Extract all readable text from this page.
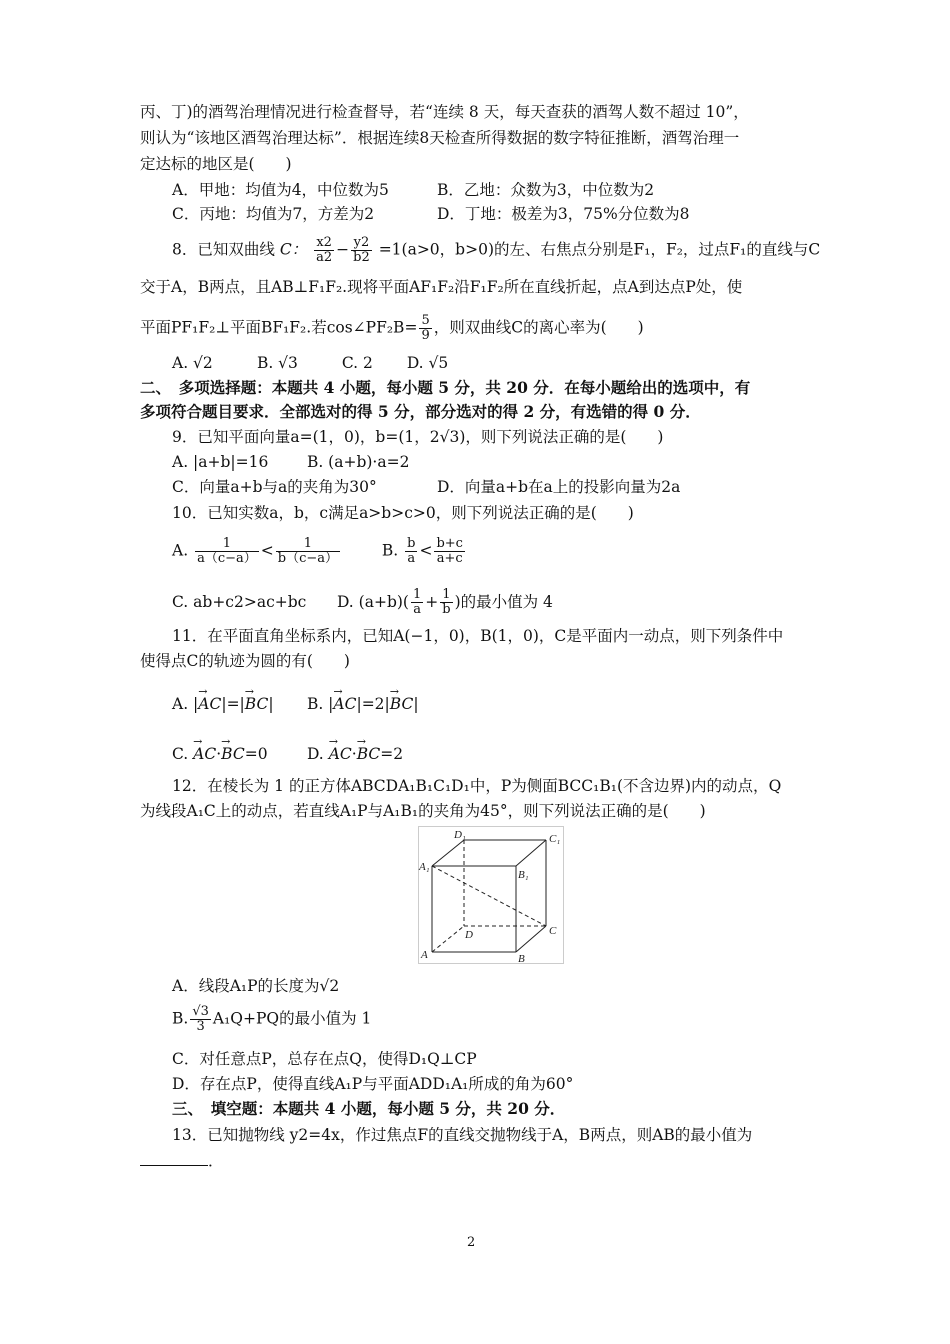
丙、丁)的酒驾治理情况进行检查督导，若“连续 8 天，每天查获的酒驾人数不超过 10”，
则认为“该地区酒驾治理达标”．根据连续8天检查所得数据的数字特征推断，酒驾治理一
定达标的地区是(　　)
A．甲地：均值为4，中位数为5	B．乙地：众数为3，中位数为2
C．丙地：均值为7，方差为2	D．丁地：极差为3，75%分位数为8
8．已知双曲线 C： $\frac{x2}{a2} - \frac{y2}{b2} =1(a>0$，b>0)的左、右焦点分别是F₁，F₂，过点F₁的直线与C
交于A，B两点，且AB⊥F₁F₂.现将平面AF₁F₂沿F₁F₂所在直线折起，点A到达点P处，使
平面PF₁F₂⊥平面BF₁F₂.若cos∠PF₂B= $\frac{5}{9}$ ，则双曲线C的离心率为(　　)
A. √2	B. √3	C. 2 D. √5
二、　多项选择题：本题共 4 小题，每小题 5 分，共 20 分．在每小题给出的选项中，有
多项符合题目要求．全部选对的得 5 分，部分选对的得 2 分，有选错的得 0 分．
9．已知平面向量a=(1，0)，b=(1，2√3)，则下列说法正确的是(　　)
A. |a+b|=16 B. (a+b)·a=2
C．向量a+b与a的夹角为30°	D．向量a+b在a上的投影向量为2a
10．已知实数a，b，c满足a>b>c>0，则下列说法正确的是(　　)
A. $\frac{1}{a(c-a)} < \frac{1}{b(c-a)}$	B. $\frac{b}{a} < \frac{b+c}{a+c}$
C. ab+c2>ac+bc D. $(a+b)( \frac{1}{a} + \frac{1}{b}$ )的最小值为 4
11．在平面直角坐标系内，已知A(−1，0)，B(1，0)，C是平面内一动点，则下列条件中
使得点C的轨迹为圆的有(　　)
A. |→ AC|=|→ BC| B. |→ AC|=2|→ BC|
C. → AC·→ BC=0	D. → AC·→ BC=2
12．在棱长为 1 的正方体ABCDA₁B₁C₁D₁中，P为侧面BCC₁B₁(不含边界)内的动点，Q
为线段A₁C上的动点，若直线A₁P与A₁B₁的夹角为45°，则下列说法正确的是(　　)
D₁	C₁
A₁
B₁
D	C
A	B
A．线段A₁P的长度为√2
B. $\frac{√3}{3} A_1Q+PQ$的最小值为 1
C．对任意点P，总存在点Q，使得D₁Q⊥CP
D．存在点P，使得直线A₁P与平面ADD₁A₁所成的角为60°
三、　填空题：本题共 4 小题，每小题 5 分，共 20 分．
13．已知抛物线 y2=4x，作过焦点F的直线交抛物线于A，B两点，则AB的最小值为
．
2
